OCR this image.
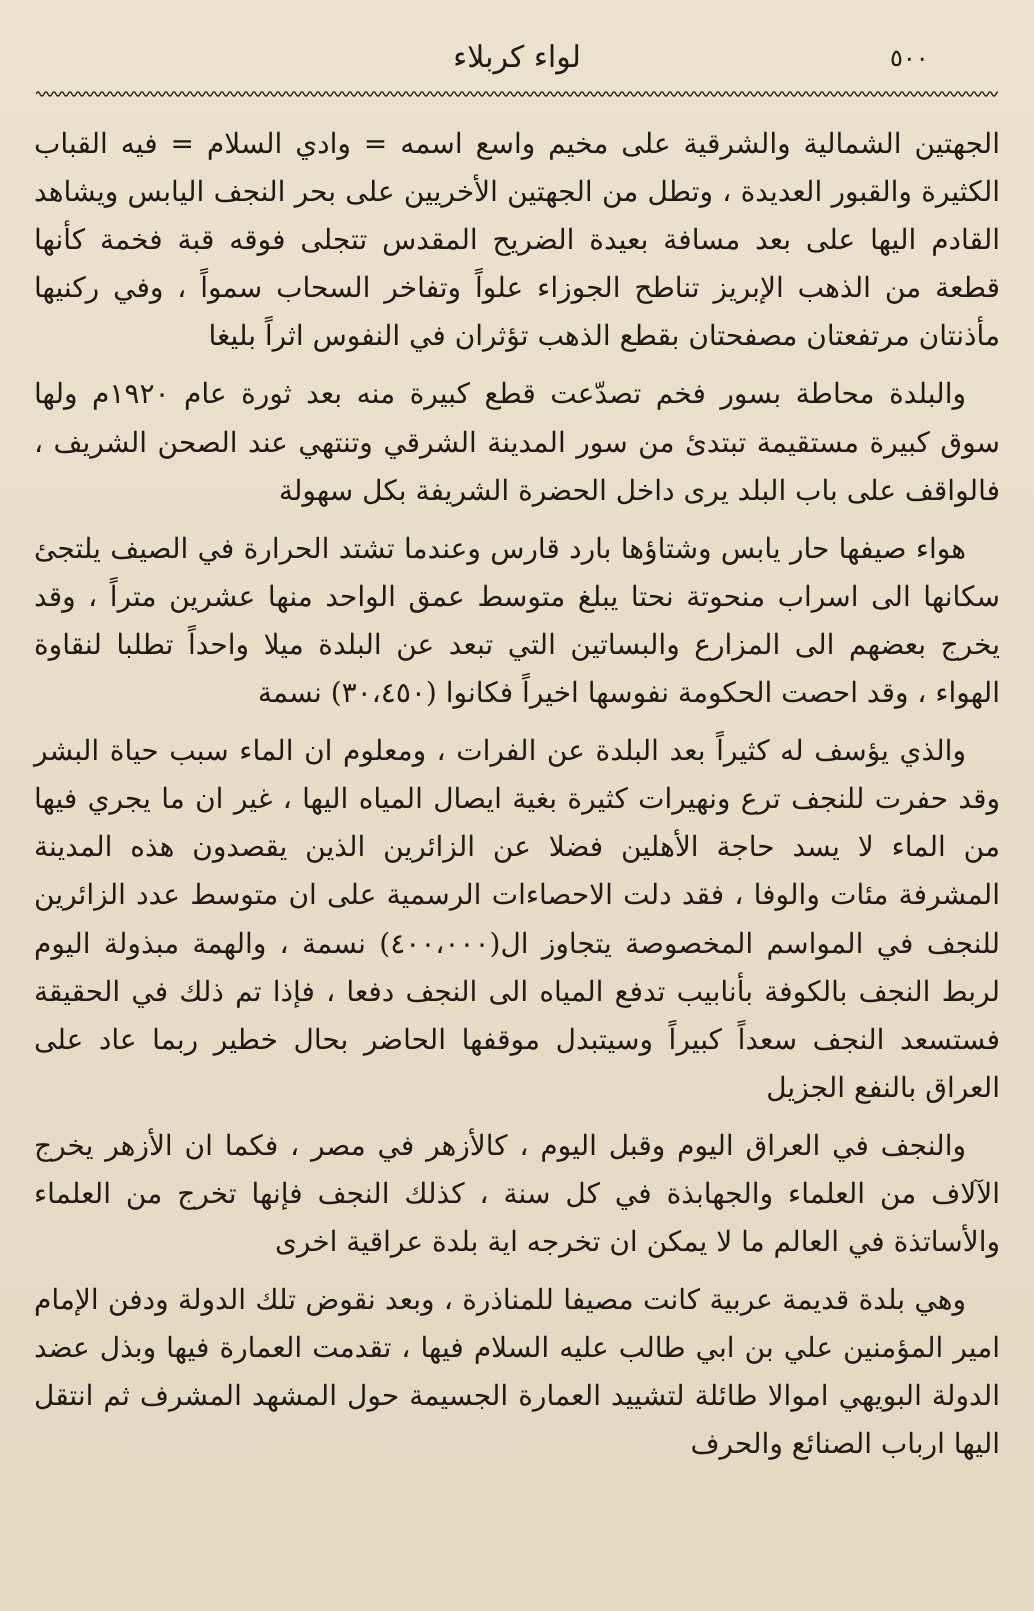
٥٠٠
لواء كربلاء

الجهتين الشمالية والشرقية على مخيم واسع اسمه = وادي السلام = فيه القباب الكثيرة والقبور العديدة ، وتطل من الجهتين الأخريين على بحر النجف اليابس ويشاهد القادم اليها على بعد مسافة بعيدة الضريح المقدس تتجلى فوقه قبة فخمة كأنها قطعة من الذهب الإبريز تناطح الجوزاء علواً وتفاخر السحاب سمواً ، وفي ركنيها مأذنتان مرتفعتان مصفحتان بقطع الذهب تؤثران في النفوس اثراً بليغا

والبلدة محاطة بسور فخم تصدّعت قطع كبيرة منه بعد ثورة عام ١٩٢٠م ولها سوق كبيرة مستقيمة تبتدئ من سور المدينة الشرقي وتنتهي عند الصحن الشريف ، فالواقف على باب البلد يرى داخل الحضرة الشريفة بكل سهولة

هواء صيفها حار يابس وشتاؤها بارد قارس وعندما تشتد الحرارة في الصيف يلتجئ سكانها الى اسراب منحوتة نحتا يبلغ متوسط عمق الواحد منها عشرين متراً ، وقد يخرج بعضهم الى المزارع والبساتين التي تبعد عن البلدة ميلا واحداً تطلبا لنقاوة الهواء ، وقد احصت الحكومة نفوسها اخيراً فكانوا (٣٠،٤٥٠) نسمة

والذي يؤسف له كثيراً بعد البلدة عن الفرات ، ومعلوم ان الماء سبب حياة البشر وقد حفرت للنجف ترع ونهيرات كثيرة بغية ايصال المياه اليها ، غير ان ما يجري فيها من الماء لا يسد حاجة الأهلين فضلا عن الزائرين الذين يقصدون هذه المدينة المشرفة مئات والوفا ، فقد دلت الاحصاءات الرسمية على ان متوسط عدد الزائرين للنجف في المواسم المخصوصة يتجاوز ال(٤٠٠،٠٠٠) نسمة ، والهمة مبذولة اليوم لربط النجف بالكوفة بأنابيب تدفع المياه الى النجف دفعا ، فإذا تم ذلك في الحقيقة فستسعد النجف سعداً كبيراً وسيتبدل موقفها الحاضر بحال خطير ربما عاد على العراق بالنفع الجزيل

والنجف في العراق اليوم وقبل اليوم ، كالأزهر في مصر ، فكما ان الأزهر يخرج الآلاف من العلماء والجهابذة في كل سنة ، كذلك النجف فإنها تخرج من العلماء والأساتذة في العالم ما لا يمكن ان تخرجه اية بلدة عراقية اخرى

وهي بلدة قديمة عربية كانت مصيفا للمناذرة ، وبعد نقوض تلك الدولة ودفن الإمام امير المؤمنين علي بن ابي طالب عليه السلام فيها ، تقدمت العمارة فيها وبذل عضد الدولة البويهي اموالا طائلة لتشييد العمارة الجسيمة حول المشهد المشرف ثم انتقل اليها ارباب الصنائع والحرف
